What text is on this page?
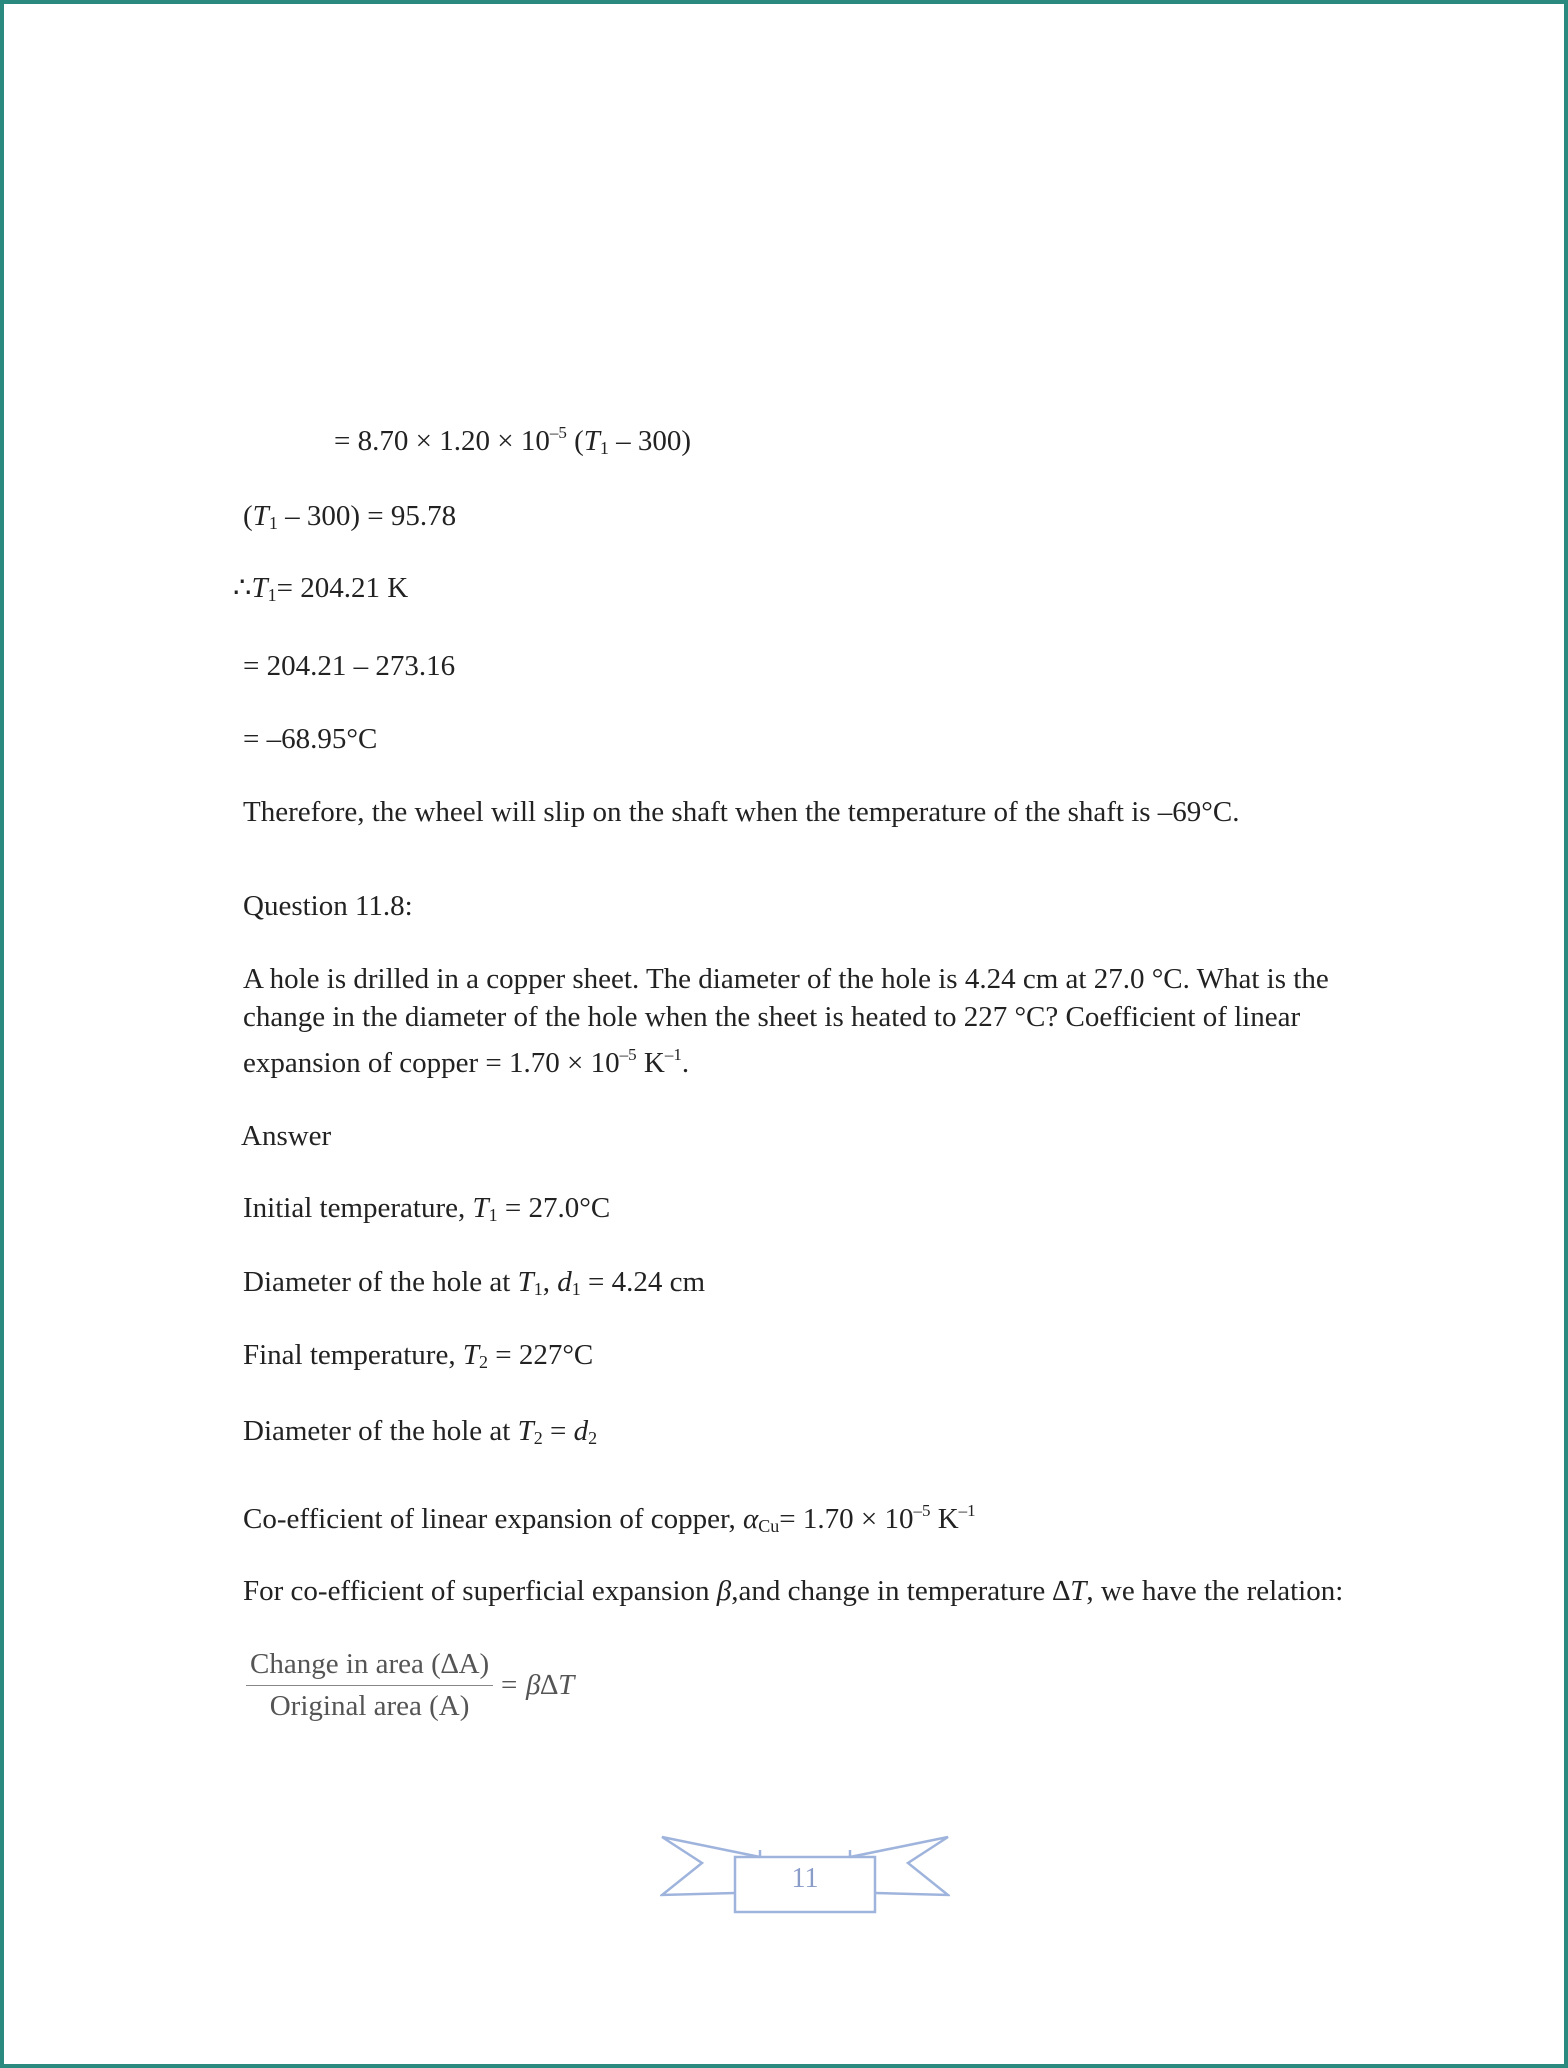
= $8.70 \times 1.20 \times 10^{-5}$ $(T_1 - 300)$
$(T_1 - 300) = 95.78$
$\therefore T_1= 204.21$ K
= 204.21 – 273.16
= –68.95°C
Therefore, the wheel will slip on the shaft when the temperature of the shaft is –69°C.
Question 11.8:
A hole is drilled in a copper sheet. The diameter of the hole is 4.24 cm at 27.0 °C. What is the change in the diameter of the hole when the sheet is heated to 227 °C? Coefficient of linear expansion of copper = $1.70 \times 10^{-5}$ $K^{-1}$.
Answer
Initial temperature, $T_1 = 27.0^\circ C$
Diameter of the hole at $T_1$, $d_1 = 4.24$ cm
Final temperature, $T_2 = 227^\circ C$
Diameter of the hole at $T_2 = d_2$
Co-efficient of linear expansion of copper, $\alpha_{Cu}= 1.70 \times 10^{-5}$ $K^{-1}$
For co-efficient of superficial expansion β,and change in temperature ∆T, we have the relation:
Change in area (∆A)
Original area (A)
	= β∆T
11
